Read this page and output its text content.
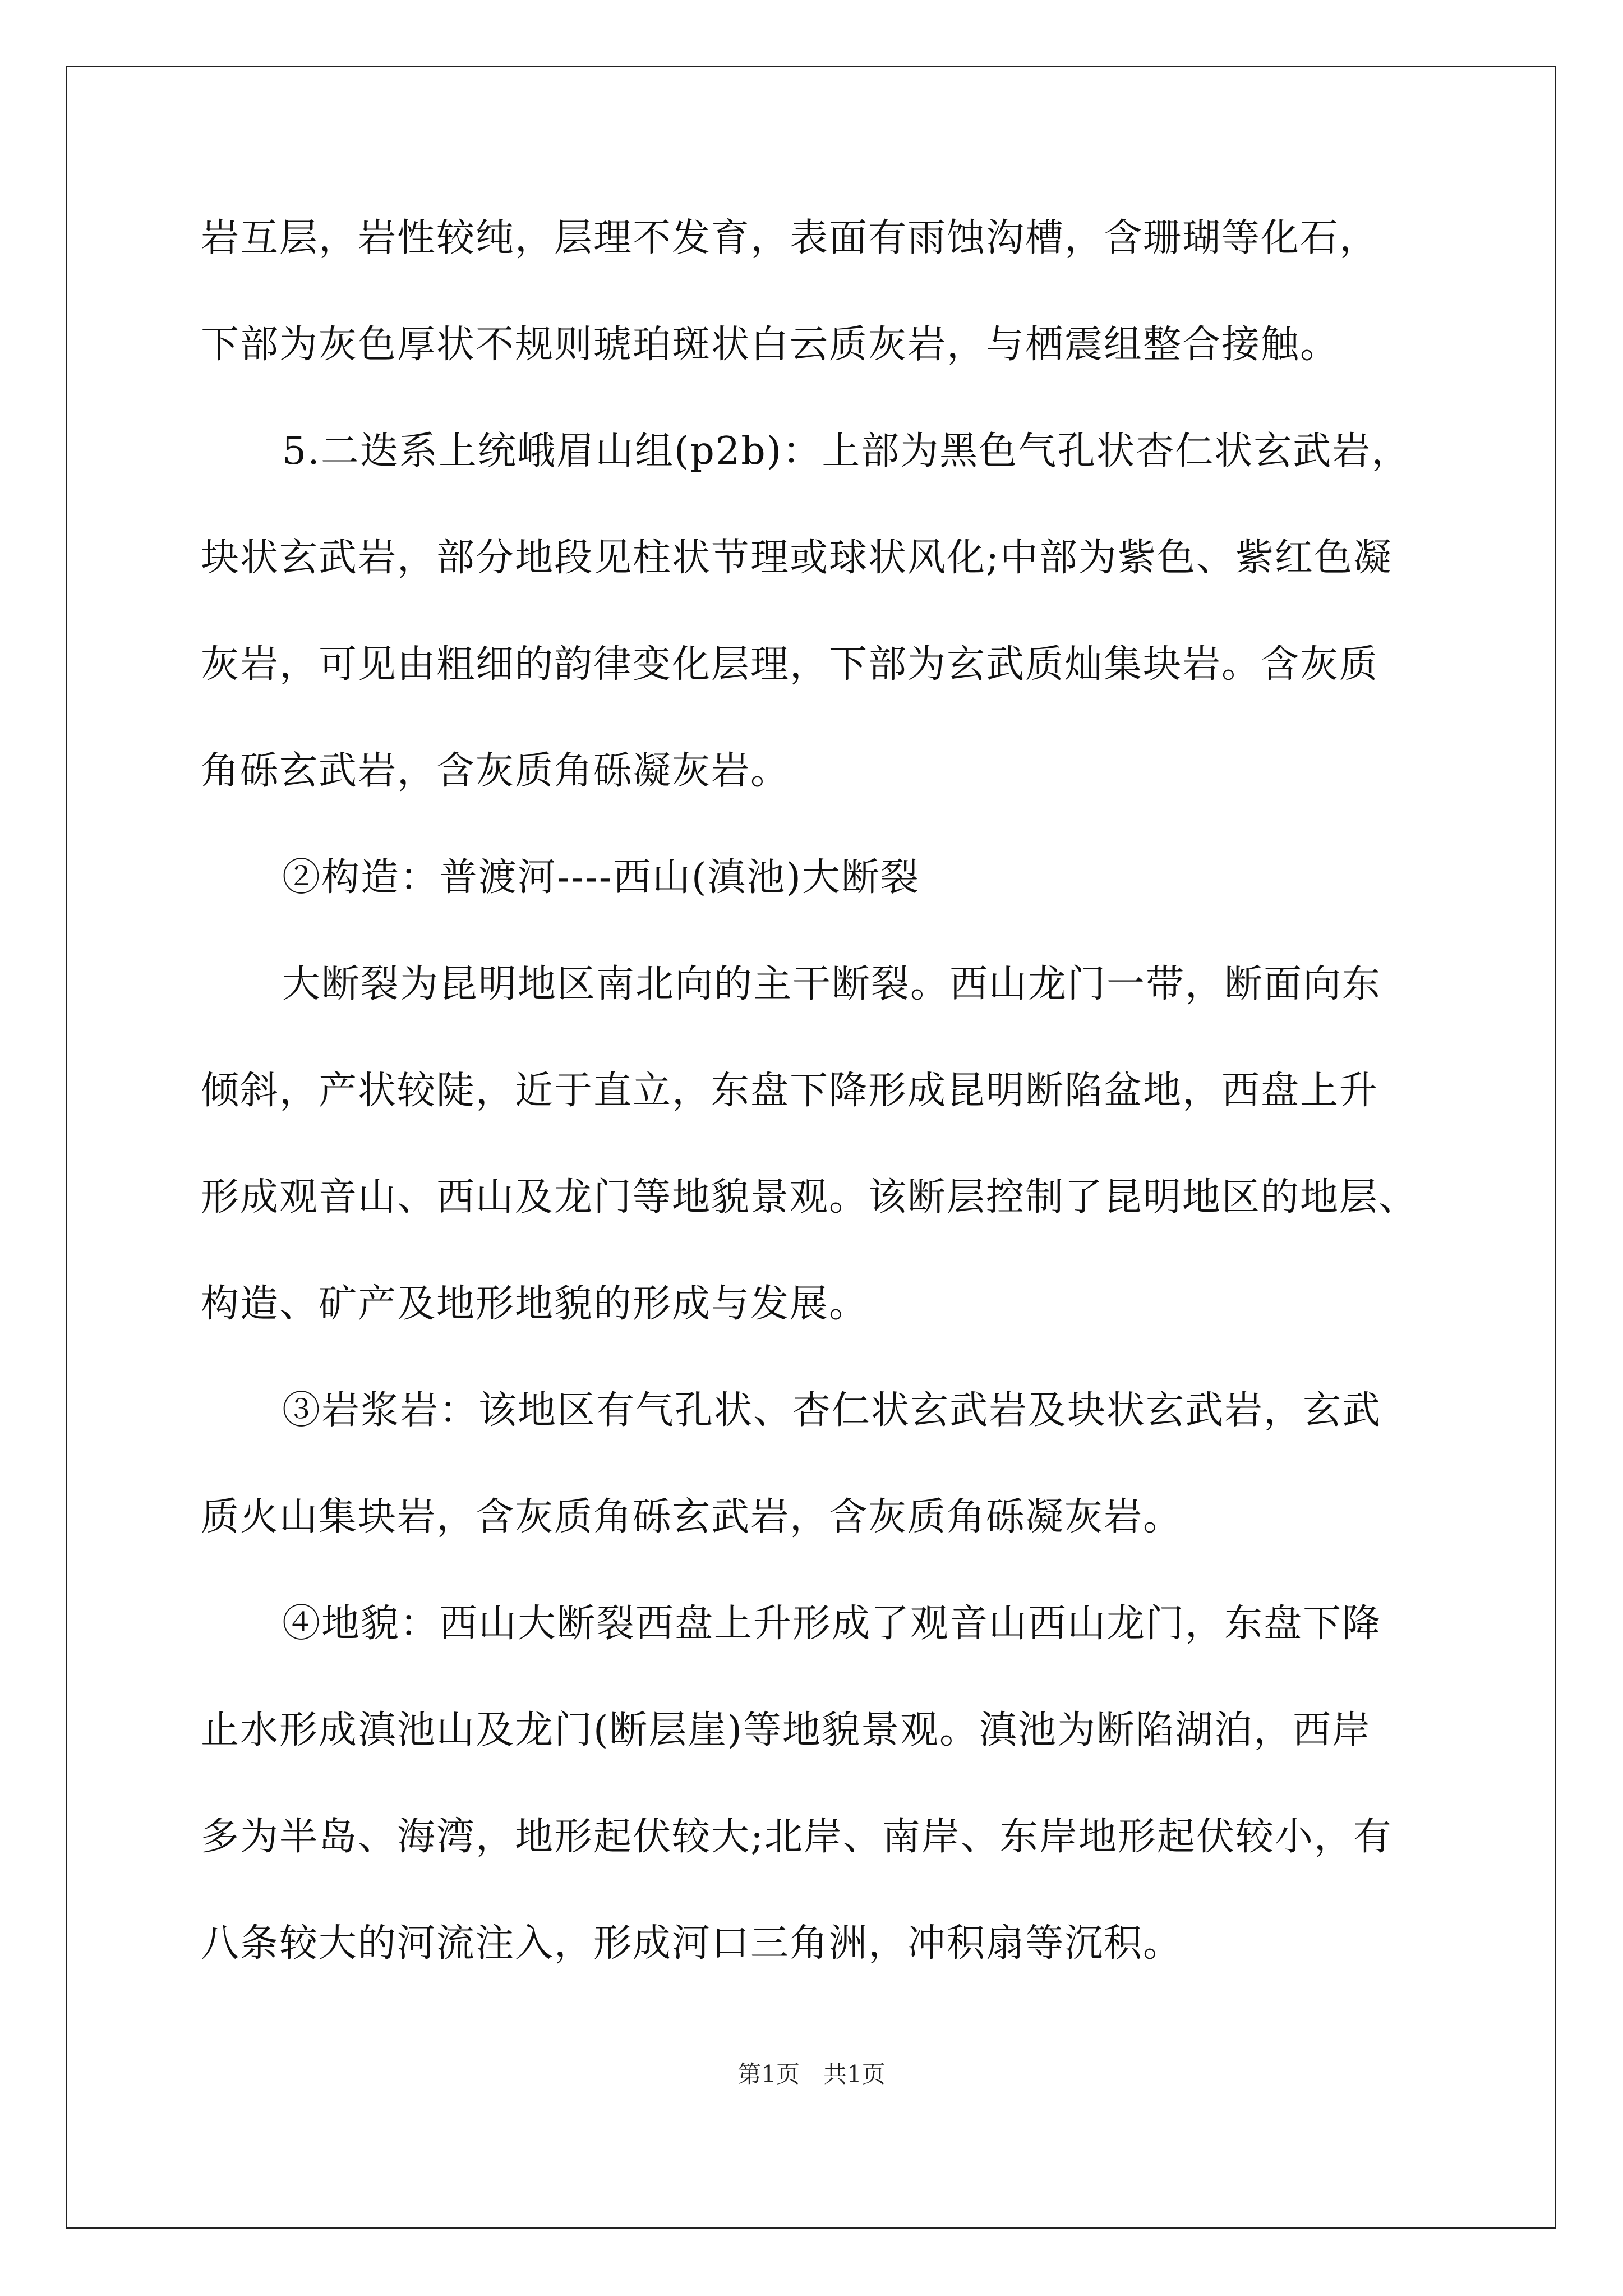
岩互层，岩性较纯，层理不发育，表面有雨蚀沟槽，含珊瑚等化石，
下部为灰色厚状不规则琥珀斑状白云质灰岩，与栖震组整合接触。
5.二迭系上统峨眉山组(p2b)：上部为黑色气孔状杏仁状玄武岩，
块状玄武岩，部分地段见柱状节理或球状风化;中部为紫色、紫红色凝
灰岩，可见由粗细的韵律变化层理，下部为玄武质灿集块岩。含灰质
角砾玄武岩，含灰质角砾凝灰岩。
②构造：普渡河----西山(滇池)大断裂
大断裂为昆明地区南北向的主干断裂。西山龙门一带，断面向东
倾斜，产状较陡，近于直立，东盘下降形成昆明断陷盆地，西盘上升
形成观音山、西山及龙门等地貌景观。该断层控制了昆明地区的地层、
构造、矿产及地形地貌的形成与发展。
③岩浆岩：该地区有气孔状、杏仁状玄武岩及块状玄武岩，玄武
质火山集块岩，含灰质角砾玄武岩，含灰质角砾凝灰岩。
④地貌：西山大断裂西盘上升形成了观音山西山龙门，东盘下降
止水形成滇池山及龙门(断层崖)等地貌景观。滇池为断陷湖泊，西岸
多为半岛、海湾，地形起伏较大;北岸、南岸、东岸地形起伏较小，有
八条较大的河流注入，形成河口三角洲，冲积扇等沉积。
第1页　共1页
